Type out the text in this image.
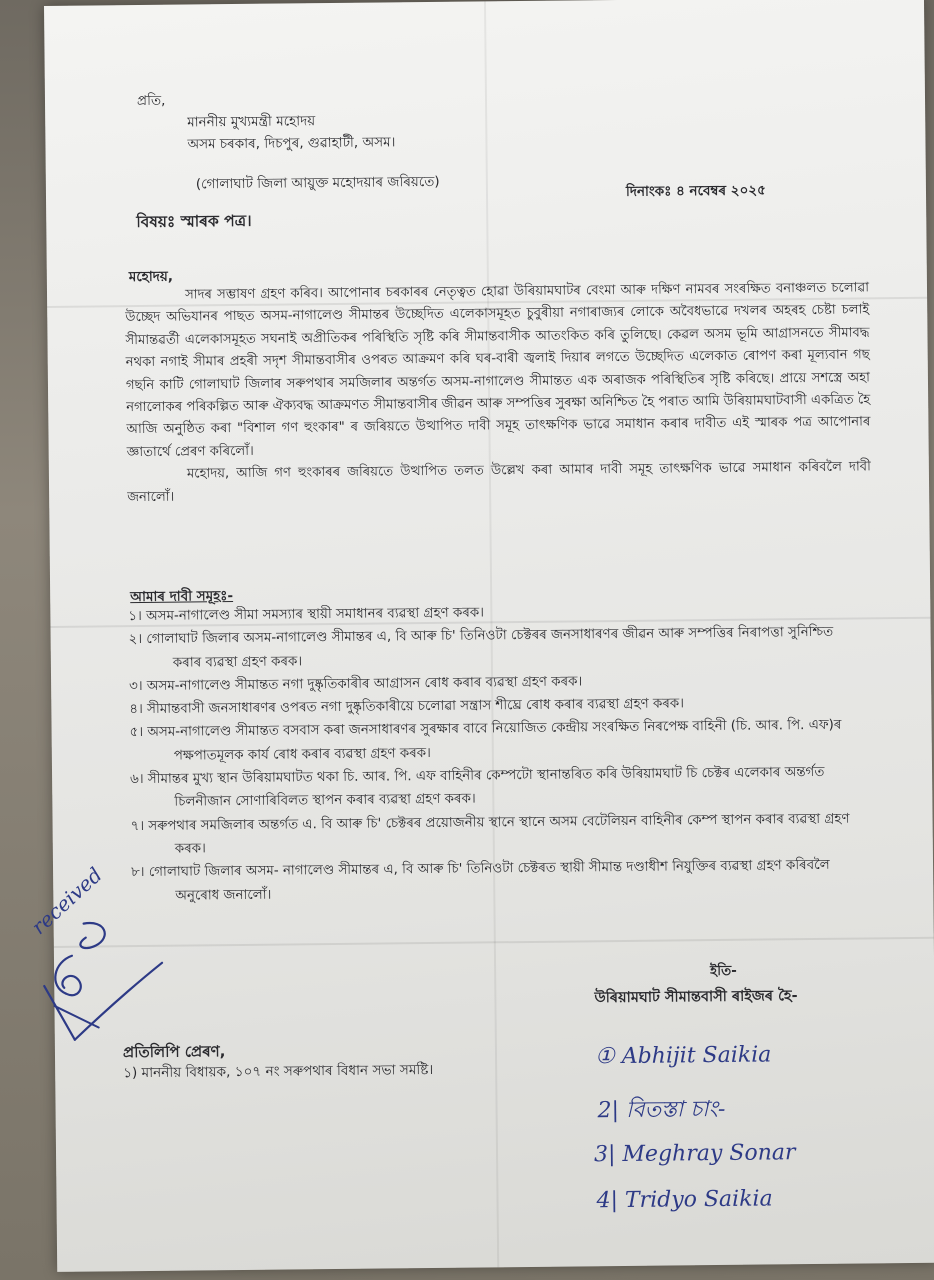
প্ৰতি,
মাননীয় মুখ্যমন্ত্ৰী মহোদয়
অসম চৰকাৰ, দিচপুৰ, গুৱাহাটী, অসম।
(গোলাঘাট জিলা আয়ুক্ত মহোদয়াৰ জৰিয়তে)	দিনাংকঃ ৪ নবেম্বৰ ২০২৫
বিষয়ঃ স্মাৰক পত্ৰ।
মহোদয়,

সাদৰ সম্ভাষণ গ্ৰহণ কৰিব। আপোনাৰ চৰকাৰৰ নেতৃত্বত হোৱা উৰিয়ামঘাটৰ বেংমা আৰু দক্ষিণ নামবৰ সংৰক্ষিত বনাঞ্চলত চলোৱা উচ্ছেদ অভিযানৰ পাছত অসম-নাগালেণ্ড সীমান্তৰ উচ্ছেদিত এলেকাসমূহত চুবুৰীয়া নগাৰাজ্যৰ লোকে অবৈধভাৱে দখলৰ অহৰহ চেষ্টা চলাই সীমান্তৱৰ্তী এলেকাসমূহত সঘনাই অপ্ৰীতিকৰ পৰিস্থিতি সৃষ্টি কৰি সীমান্তবাসীক আতংকিত কৰি তুলিছে। কেৱল অসম ভূমি আগ্ৰাসনতে সীমাবদ্ধ নথকা নগাই সীমাৰ প্ৰহৰী সদৃশ সীমান্তবাসীৰ ওপৰত আক্ৰমণ কৰি ঘৰ-বাৰী জ্বলাই দিয়াৰ লগতে উচ্ছেদিত এলেকাত ৰোপণ কৰা মূল্যবান গছ গছনি কাটি গোলাঘাট জিলাৰ সৰুপথাৰ সমজিলাৰ অন্তৰ্গত অসম-নাগালেণ্ড সীমান্তত এক অৰাজক পৰিস্থিতিৰ সৃষ্টি কৰিছে। প্ৰায়ে সশস্ত্ৰে অহা নগালোকৰ পৰিকল্পিত আৰু ঐক্যবদ্ধ আক্ৰমণত সীমান্তবাসীৰ জীৱন আৰু সম্পত্তিৰ সুৰক্ষা অনিশ্চিত হৈ পৰাত আমি উৰিয়ামঘাটবাসী একত্ৰিত হৈ আজি অনুষ্ঠিত কৰা "বিশাল গণ হুংকাৰ" ৰ জৰিয়তে উত্থাপিত দাবী সমূহ তাৎক্ষণিক ভাৱে সমাধান কৰাৰ দাবীত এই স্মাৰক পত্ৰ আপোনাৰ জ্ঞাতাৰ্থে প্ৰেৰণ কৰিলোঁ।

মহোদয়, আজি গণ হুংকাৰৰ জৰিয়তে উত্থাপিত তলত উল্লেখ কৰা আমাৰ দাবী সমূহ তাৎক্ষণিক ভাৱে সমাধান কৰিবলৈ দাবী জনালোঁ।

আমাৰ দাবী সমূহঃ-
১। অসম-নাগালেণ্ড সীমা সমস্যাৰ স্থায়ী সমাধানৰ ব্যৱস্থা গ্ৰহণ কৰক।
২। গোলাঘাট জিলাৰ অসম-নাগালেণ্ড সীমান্তৰ এ, বি আৰু চি' তিনিওটা চেক্টৰৰ জনসাধাৰণৰ জীৱন আৰু সম্পত্তিৰ নিৰাপত্তা সুনিশ্চিত কৰাৰ ব্যৱস্থা গ্ৰহণ কৰক।
৩। অসম-নাগালেণ্ড সীমান্তত নগা দুষ্কৃতিকাৰীৰ আগ্ৰাসন ৰোধ কৰাৰ ব্যৱস্থা গ্ৰহণ কৰক।
৪। সীমান্তবাসী জনসাধাৰণৰ ওপৰত নগা দুষ্কৃতিকাৰীয়ে চলোৱা সন্ত্ৰাস শীঘ্ৰে ৰোধ কৰাৰ ব্যৱস্থা গ্ৰহণ কৰক।
৫। অসম-নাগালেণ্ড সীমান্তত বসবাস কৰা জনসাধাৰণৰ সুৰক্ষাৰ বাবে নিয়োজিত কেন্দ্ৰীয় সংৰক্ষিত নিৰপেক্ষ বাহিনী (চি. আৰ. পি. এফ)ৰ পক্ষপাতমূলক কাৰ্য ৰোধ কৰাৰ ব্যৱস্থা গ্ৰহণ কৰক।
৬। সীমান্তৰ মুখ্য স্থান উৰিয়ামঘাটত থকা চি. আৰ. পি. এফ বাহিনীৰ কেম্পটো স্থানান্তৰিত কৰি উৰিয়ামঘাট চি চেক্টৰ এলেকাৰ অন্তৰ্গত চিলনীজান সোণাৰিবিলত স্থাপন কৰাৰ ব্যৱস্থা গ্ৰহণ কৰক।
৭। সৰুপথাৰ সমজিলাৰ অন্তৰ্গত এ. বি আৰু চি' চেক্টৰৰ প্ৰয়োজনীয় স্থানে স্থানে অসম বেটেলিয়ন বাহিনীৰ কেম্প স্থাপন কৰাৰ ব্যৱস্থা গ্ৰহণ কৰক।
৮। গোলাঘাট জিলাৰ অসম- নাগালেণ্ড সীমান্তৰ এ, বি আৰু চি' তিনিওটা চেক্টৰত স্থায়ী সীমান্ত দণ্ডাধীশ নিযুক্তিৰ ব্যৱস্থা গ্ৰহণ কৰিবলৈ অনুৰোধ জনালোঁ।
ইতি-
উৰিয়ামঘাট সীমান্তবাসী ৰাইজৰ হৈ-
প্ৰতিলিপি প্ৰেৰণ,
১) মাননীয় বিধায়ক, ১০৭ নং সৰুপথাৰ বিধান সভা সমষ্টি।
① Abhijit Saikia
2| বিতস্তা চাং-
3| Meghray Sonar
4| Tridyo Saikia
received
